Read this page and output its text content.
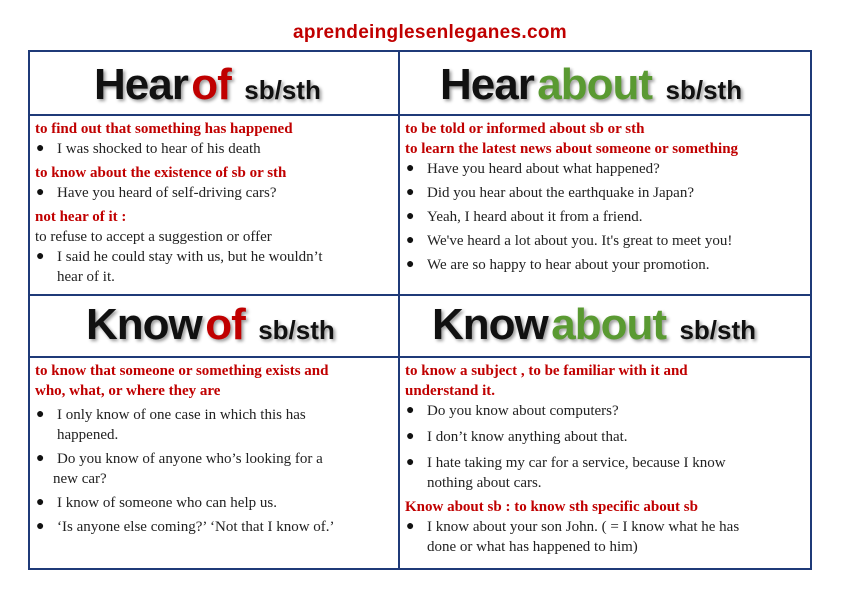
aprendeinglesenleganes.com
Hear of sb/sth	Hear about sb/sth
Know of sb/sth Know about sb/sth
to find out that something has happened
● I was shocked to hear of his death
to know about the existence of sb or sth
● Have you heard of self-driving cars?
not hear of it :
to refuse to accept a suggestion or offer
● I said he could stay with us, but he wouldn’t
hear of it.
to be told or informed about sb or sth
to learn the latest news about someone or something
● Have you heard about what happened?
● Did you hear about the earthquake in Japan?
● Yeah, I heard about it from a friend.
● We've heard a lot about you. It's great to meet you!
● We are so happy to hear about your promotion.
to know that someone or something exists and
who, what, or where they are
● I only know of one case in which this has
happened.
● Do you know of anyone who’s looking for a
new car?
● I know of someone who can help us.
● ‘Is anyone else coming?’ ‘Not that I know of.’
to know a subject , to be familiar with it and
understand it.
● Do you know about computers?
● I don’t know anything about that.
● I hate taking my car for a service, because I know
nothing about cars.
Know about sb : to know sth specific about sb
● I know about your son John. ( = I know what he has
done or what has happened to him)
